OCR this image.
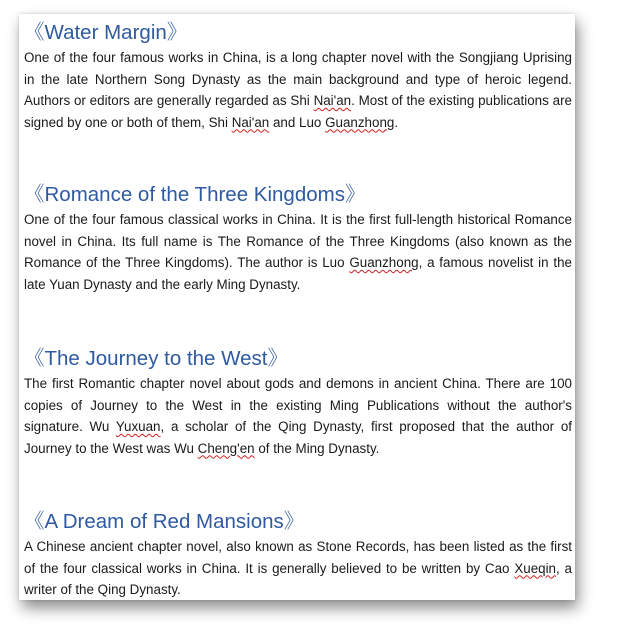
《Water Margin》

One of the four famous works in China, is a long chapter novel with the Songjiang Uprising in the late Northern Song Dynasty as the main background and type of heroic legend. Authors or editors are generally regarded as Shi Nai'an. Most of the existing publications are signed by one or both of them, Shi Nai'an and Luo Guanzhong.

《Romance of the Three Kingdoms》

One of the four famous classical works in China. It is the first full-length historical Romance novel in China. Its full name is The Romance of the Three Kingdoms (also known as the Romance of the Three Kingdoms). The author is Luo Guanzhong, a famous novelist in the late Yuan Dynasty and the early Ming Dynasty.

《The Journey to the West》

The first Romantic chapter novel about gods and demons in ancient China. There are 100 copies of Journey to the West in the existing Ming Publications without the author's signature. Wu Yuxuan, a scholar of the Qing Dynasty, first proposed that the author of Journey to the West was Wu Cheng'en of the Ming Dynasty.

《A Dream of Red Mansions》

A Chinese ancient chapter novel, also known as Stone Records, has been listed as the first of the four classical works in China. It is generally believed to be written by Cao Xueqin, a writer of the Qing Dynasty.
